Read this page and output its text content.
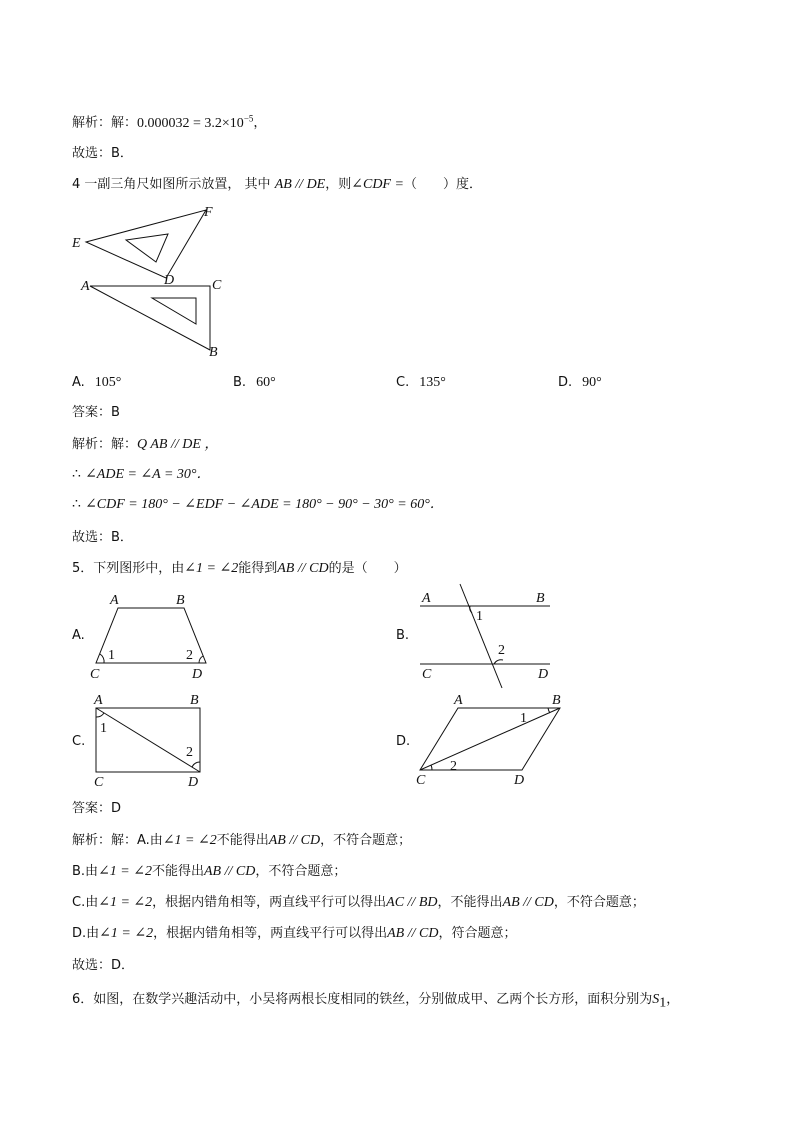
解析：解：$0.000032 = 3.2\times 10^{-5}$，
故选：B．
4 一副三角尺如图所示放置， 其中 AB // DE，则∠CDF =（　　）度．
E
F
D
A	C
B
A. 105°	B. 60°	C. 135°	D. 90°
答案：B
解析：解：Q AB // DE ，
∴ ∠ADE = ∠A = 30°．
∴ ∠CDF = 180° − ∠EDF − ∠ADE = 180° − 90° − 30° = 60°．
故选：B．
5．下列图形中，由∠1 = ∠2能得到AB // CD的是（　　）
A.
A	B
C	D
1	2
B.
A	B
C	D
1
2
C.
A	B
C	D
1
2
D.
A	B
C	D
1
2
答案：D
解析：解：A.由∠1 = ∠2不能得出AB // CD，不符合题意；
B.由∠1 = ∠2不能得出AB // CD，不符合题意；
C.由∠1 = ∠2，根据内错角相等，两直线平行可以得出AC // BD，不能得出AB // CD，不符合题意；
D.由∠1 = ∠2，根据内错角相等，两直线平行可以得出AB // CD，符合题意；
故选：D．
6．如图，在数学兴趣活动中，小吴将两根长度相同的铁丝，分别做成甲、乙两个长方形，面积分别为$S_1$，
